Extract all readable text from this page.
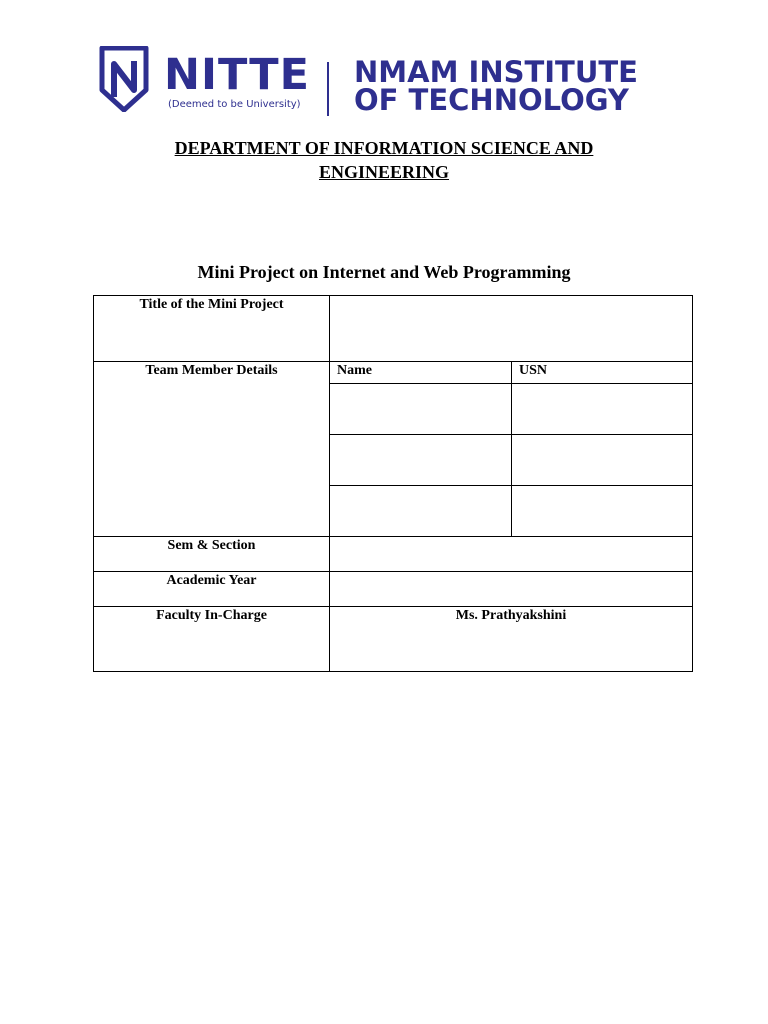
NITTE
(Deemed to be University)
NMAM INSTITUTE
OF TECHNOLOGY
DEPARTMENT OF INFORMATION SCIENCE AND
ENGINEERING
Mini Project on Internet and Web Programming
Title of the Mini Project		
Team Member Details	Name	USN

Sem & Section		
Academic Year		
Faculty In-Charge	Ms. Prathyakshini	
